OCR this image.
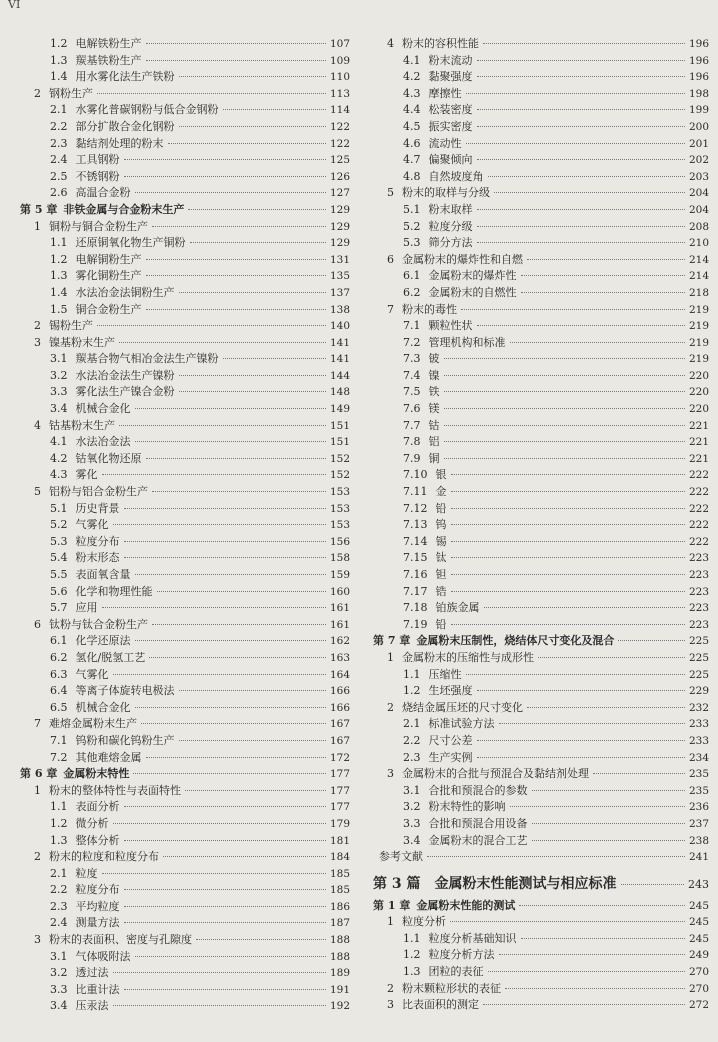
VI
1.2 电解铁粉生产	107
1.3 羰基铁粉生产	109
1.4 用水雾化法生产铁粉	110
2 钢粉生产	113
2.1 水雾化普碳钢粉与低合金钢粉	114
2.2 部分扩散合金化钢粉	122
2.3 黏结剂处理的粉末	122
2.4 工具钢粉	125
2.5 不锈钢粉	126
2.6 高温合金粉	127
第 5 章 非铁金属与合金粉末生产	129
1 铜粉与铜合金粉生产	129
1.1 还原铜氧化物生产铜粉	129
1.2 电解铜粉生产	131
1.3 雾化铜粉生产	135
1.4 水法冶金法铜粉生产	137
1.5 铜合金粉生产	138
2 锡粉生产	140
3 镍基粉末生产	141
3.1 羰基合物气相冶金法生产镍粉	141
3.2 水法冶金法生产镍粉	144
3.3 雾化法生产镍合金粉	148
3.4 机械合金化	149
4 钴基粉末生产	151
4.1 水法冶金法	151
4.2 钴氧化物还原	152
4.3 雾化	152
5 铝粉与铝合金粉生产	153
5.1 历史背景	153
5.2 气雾化	153
5.3 粒度分布	156
5.4 粉末形态	158
5.5 表面氧含量	159
5.6 化学和物理性能	160
5.7 应用	161
6 钛粉与钛合金粉生产	161
6.1 化学还原法	162
6.2 氢化/脱氢工艺	163
6.3 气雾化	164
6.4 等离子体旋转电极法	166
6.5 机械合金化	166
7 难熔金属粉末生产	167
7.1 钨粉和碳化钨粉生产	167
7.2 其他难熔金属	172
第 6 章 金属粉末特性	177
1 粉末的整体特性与表面特性	177
1.1 表面分析	177
1.2 微分析	179
1.3 整体分析	181
2 粉末的粒度和粒度分布	184
2.1 粒度	185
2.2 粒度分布	185
2.3 平均粒度	186
2.4 测量方法	187
3 粉末的表面积、密度与孔隙度	188
3.1 气体吸附法	188
3.2 透过法	189
3.3 比重计法	191
3.4 压汞法	192
4 粉末的容积性能	196
4.1 粉末流动	196
4.2 黏聚强度	196
4.3 摩擦性	198
4.4 松装密度	199
4.5 振实密度	200
4.6 流动性	201
4.7 偏聚倾向	202
4.8 自然坡度角	203
5 粉末的取样与分级	204
5.1 粉末取样	204
5.2 粒度分级	208
5.3 筛分方法	210
6 金属粉末的爆炸性和自燃	214
6.1 金属粉末的爆炸性	214
6.2 金属粉末的自燃性	218
7 粉末的毒性	219
7.1 颗粒性状	219
7.2 管理机构和标准	219
7.3 铍	219
7.4 镍	220
7.5 铁	220
7.6 镁	220
7.7 钴	221
7.8 铝	221
7.9 铜	221
7.10 银	222
7.11 金	222
7.12 铅	222
7.13 钨	222
7.14 锡	222
7.15 钛	223
7.16 钽	223
7.17 锆	223
7.18 铂族金属	223
7.19 铅	223
第 7 章 金属粉末压制性，烧结体尺寸变化及混合	225
1 金属粉末的压缩性与成形性	225
1.1 压缩性	225
1.2 生坯强度	229
2 烧结金属压坯的尺寸变化	232
2.1 标准试验方法	233
2.2 尺寸公差	233
2.3 生产实例	234
3 金属粉末的合批与预混合及黏结剂处理	235
3.1 合批和预混合的参数	235
3.2 粉末特性的影响	236
3.3 合批和预混合用设备	237
3.4 金属粉末的混合工艺	238
参考文献	241
第 3 篇	金属粉末性能测试与相应标准	243
第 1 章 金属粉末性能的测试	245
1 粒度分析	245
1.1 粒度分析基础知识	245
1.2 粒度分析方法	249
1.3 团粒的表征	270
2 粉末颗粒形状的表征	270
3 比表面积的测定	272
